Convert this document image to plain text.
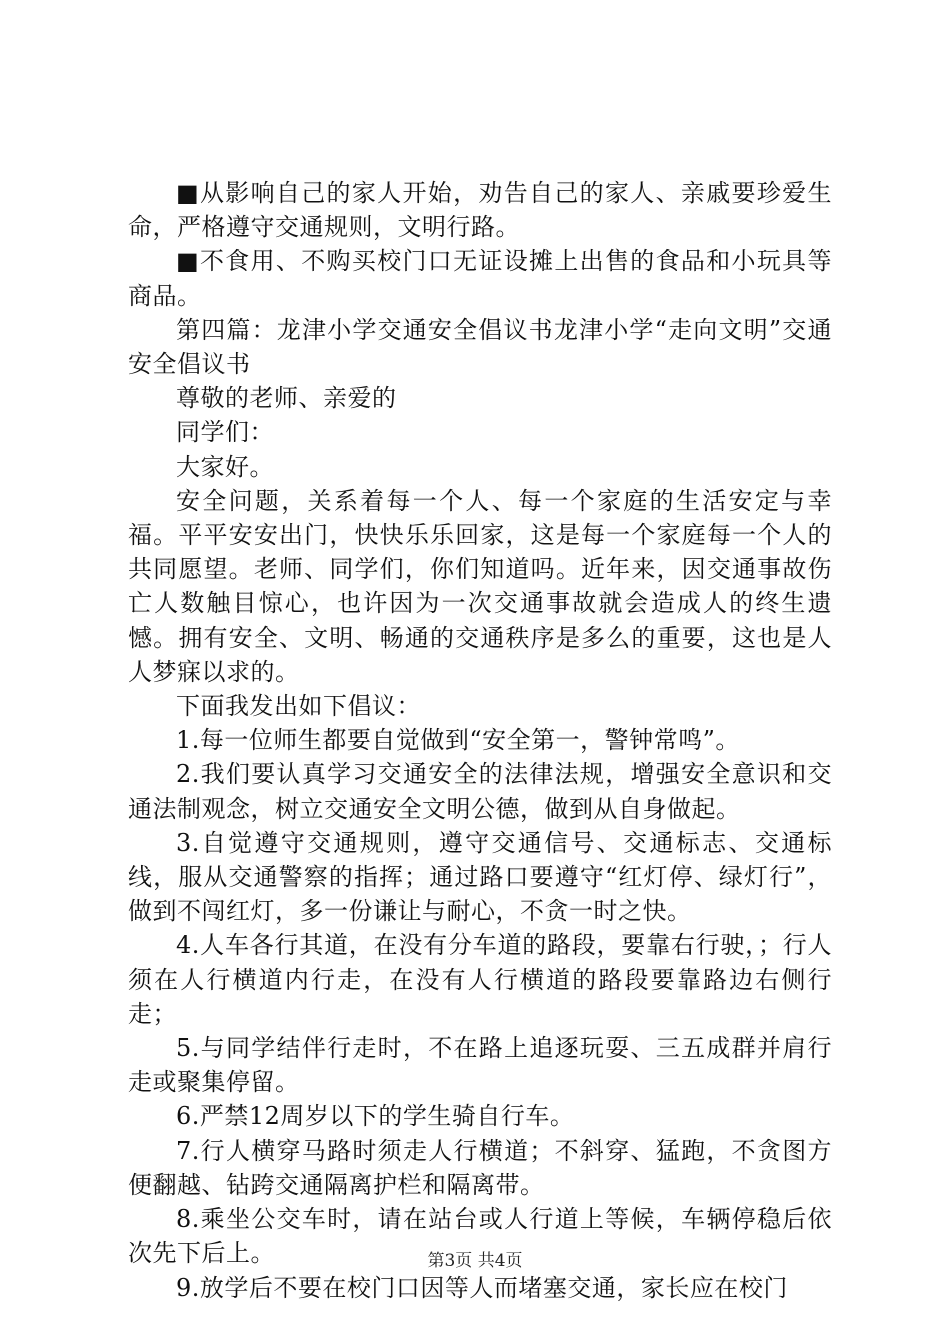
■从影响自己的家人开始，劝告自己的家人、亲戚要珍爱生命，严格遵守交通规则，文明行路。

■不食用、不购买校门口无证设摊上出售的食品和小玩具等商品。

第四篇：龙津小学交通安全倡议书龙津小学“走向文明”交通安全倡议书

尊敬的老师、亲爱的

同学们：

大家好。

安全问题，关系着每一个人、每一个家庭的生活安定与幸福。平平安安出门，快快乐乐回家，这是每一个家庭每一个人的共同愿望。老师、同学们，你们知道吗。近年来，因交通事故伤亡人数触目惊心，也许因为一次交通事故就会造成人的终生遗憾。拥有安全、文明、畅通的交通秩序是多么的重要，这也是人人梦寐以求的。

下面我发出如下倡议：

1.每一位师生都要自觉做到“安全第一，警钟常鸣”。

2.我们要认真学习交通安全的法律法规，增强安全意识和交通法制观念，树立交通安全文明公德，做到从自身做起。

3.自觉遵守交通规则，遵守交通信号、交通标志、交通标线，服从交通警察的指挥；通过路口要遵守“红灯停、绿灯行”，做到不闯红灯，多一份谦让与耐心，不贪一时之快。

4.人车各行其道，在没有分车道的路段，要靠右行驶，；行人须在人行横道内行走，在没有人行横道的路段要靠路边右侧行走；

5.与同学结伴行走时，不在路上追逐玩耍、三五成群并肩行走或聚集停留。

6.严禁12周岁以下的学生骑自行车。

7.行人横穿马路时须走人行横道；不斜穿、猛跑，不贪图方便翻越、钻跨交通隔离护栏和隔离带。

8.乘坐公交车时，请在站台或人行道上等候，车辆停稳后依次先下后上。

9.放学后不要在校门口因等人而堵塞交通，家长应在校门

第3页 共4页
